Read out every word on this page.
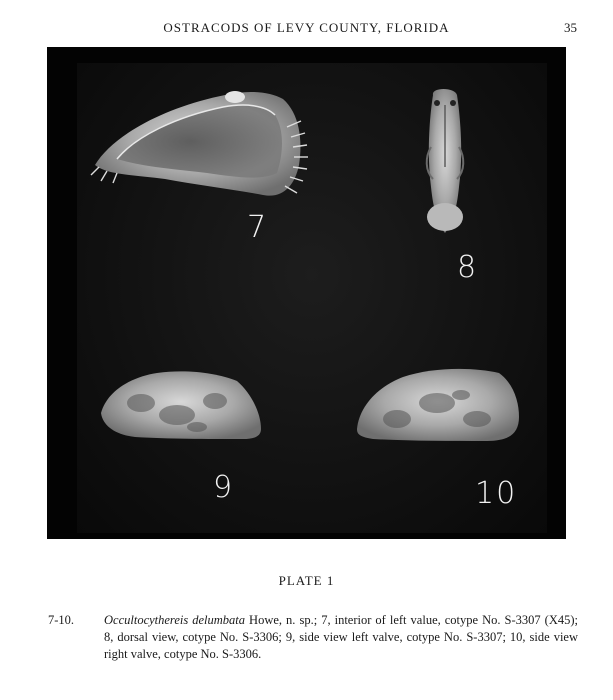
OSTRACODS OF LEVY COUNTY, FLORIDA	35
7
8
9	10
PLATE 1
7-10. Occultocythereis delumbata Howe, n. sp.; 7, interior of left value, cotype No. S-3307 (X45); 8, dorsal view, cotype No. S-3306; 9, side view left valve, cotype No. S-3307; 10, side view right valve, cotype No. S-3306.
